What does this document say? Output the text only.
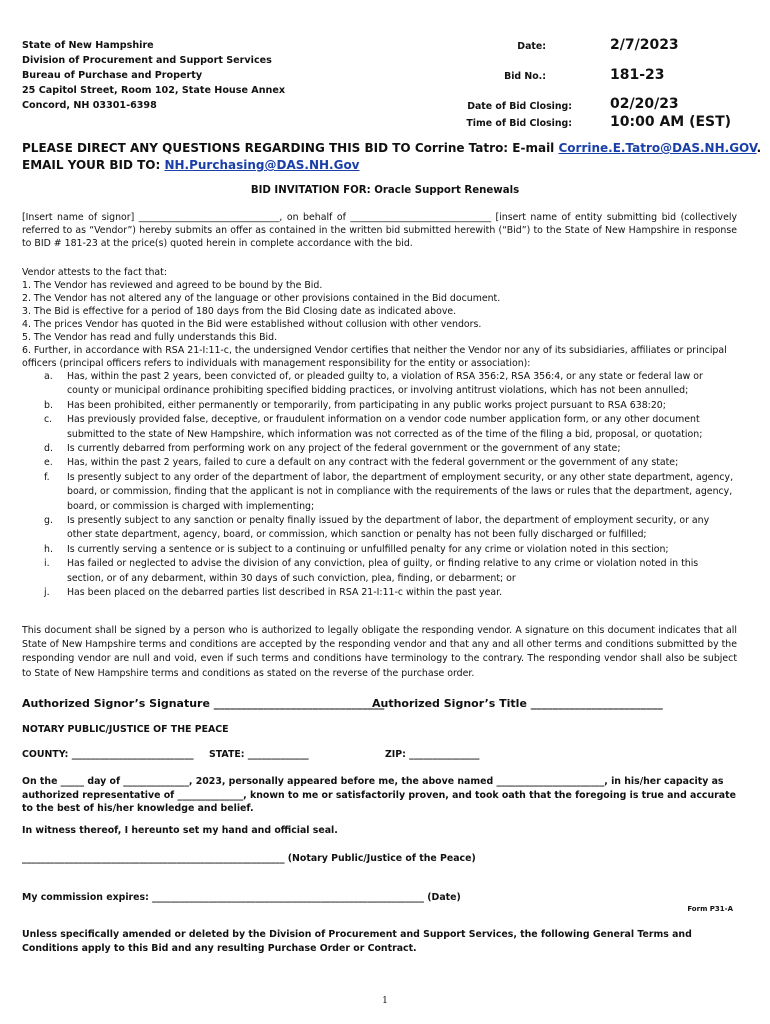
State of New Hampshire
Division of Procurement and Support Services
Bureau of Purchase and Property
25 Capitol Street, Room 102, State House Annex
Concord, NH 03301-6398
Date:	2/7/2023
Bid No.:	181-23
Date of Bid Closing:	02/20/23
Time of Bid Closing:	10:00 AM (EST)
PLEASE DIRECT ANY QUESTIONS REGARDING THIS BID TO Corrine Tatro: E-mail Corrine.E.Tatro@DAS.NH.GOV.
EMAIL YOUR BID TO: NH.Purchasing@DAS.NH.Gov
BID INVITATION FOR: Oracle Support Renewals
[Insert name of signor] ______________________________, on behalf of ______________________________ [insert name of entity submitting bid (collectively referred to as “Vendor”) hereby submits an offer as contained in the written bid submitted herewith (“Bid”) to the State of New Hampshire in response to BID # 181-23 at the price(s) quoted herein in complete accordance with the bid.
Vendor attests to the fact that:
1. The Vendor has reviewed and agreed to be bound by the Bid.
2. The Vendor has not altered any of the language or other provisions contained in the Bid document.
3. The Bid is effective for a period of 180 days from the Bid Closing date as indicated above.
4. The prices Vendor has quoted in the Bid were established without collusion with other vendors.
5. The Vendor has read and fully understands this Bid.
6. Further, in accordance with RSA 21-I:11-c, the undersigned Vendor certifies that neither the Vendor nor any of its subsidiaries, affiliates or principal officers (principal officers refers to individuals with management responsibility for the entity or association):
a. Has, within the past 2 years, been convicted of, or pleaded guilty to, a violation of RSA 356:2, RSA 356:4, or any state or federal law or county or municipal ordinance prohibiting specified bidding practices, or involving antitrust violations, which has not been annulled;
b. Has been prohibited, either permanently or temporarily, from participating in any public works project pursuant to RSA 638:20;
c. Has previously provided false, deceptive, or fraudulent information on a vendor code number application form, or any other document submitted to the state of New Hampshire, which information was not corrected as of the time of the filing a bid, proposal, or quotation;
d. Is currently debarred from performing work on any project of the federal government or the government of any state;
e. Has, within the past 2 years, failed to cure a default on any contract with the federal government or the government of any state;
f. Is presently subject to any order of the department of labor, the department of employment security, or any other state department, agency, board, or commission, finding that the applicant is not in compliance with the requirements of the laws or rules that the department, agency, board, or commission is charged with implementing;
g. Is presently subject to any sanction or penalty finally issued by the department of labor, the department of employment security, or any other state department, agency, board, or commission, which sanction or penalty has not been fully discharged or fulfilled;
h. Is currently serving a sentence or is subject to a continuing or unfulfilled penalty for any crime or violation noted in this section;
i. Has failed or neglected to advise the division of any conviction, plea of guilty, or finding relative to any crime or violation noted in this section, or of any debarment, within 30 days of such conviction, plea, finding, or debarment; or
j. Has been placed on the debarred parties list described in RSA 21-I:11-c within the past year.
This document shall be signed by a person who is authorized to legally obligate the responding vendor. A signature on this document indicates that all State of New Hampshire terms and conditions are accepted by the responding vendor and that any and all other terms and conditions submitted by the responding vendor are null and void, even if such terms and conditions have terminology to the contrary. The responding vendor shall also be subject to State of New Hampshire terms and conditions as stated on the reverse of the purchase order.
Authorized Signor’s Signature _______________________________
Authorized Signor’s Title ________________________
NOTARY PUBLIC/JUSTICE OF THE PEACE
COUNTY: __________________________ STATE: _____________	ZIP: _______________
On the _____ day of ______________, 2023, personally appeared before me, the above named _______________________, in his/her capacity as authorized representative of ______________, known to me or satisfactorily proven, and took oath that the foregoing is true and accurate to the best of his/her knowledge and belief.
In witness thereof, I hereunto set my hand and official seal.
________________________________________________________ (Notary Public/Justice of the Peace)
My commission expires: __________________________________________________________ (Date)
Form P31-A
Unless specifically amended or deleted by the Division of Procurement and Support Services, the following General Terms and Conditions apply to this Bid and any resulting Purchase Order or Contract.
1
